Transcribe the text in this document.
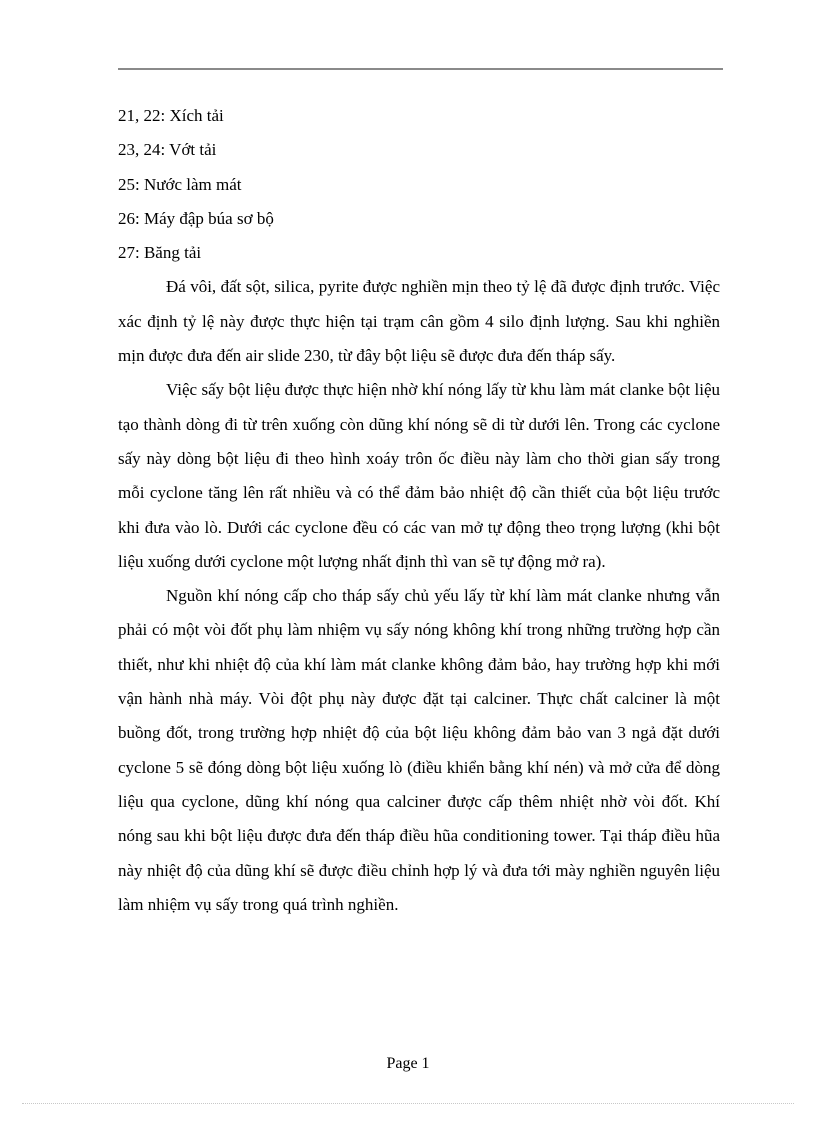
21, 22: Xích tải

23, 24: Vớt tải

25: Nước làm mát

26: Máy đập búa sơ bộ

27: Băng tải

Đá vôi, đất sột, silica, pyrite được nghiền mịn theo tỷ lệ đã được định trước. Việc xác định tỷ lệ này được thực hiện tại trạm cân gồm 4 silo định lượng. Sau khi nghiền mịn được đưa đến air slide 230, từ đây bột liệu sẽ được đưa đến tháp sấy.

Việc sấy bột liệu được thực hiện nhờ khí nóng lấy từ khu làm mát clanke bột liệu tạo thành dòng đi từ trên xuống còn dũng khí nóng sẽ di từ dưới lên. Trong các cyclone sấy này dòng bột liệu đi theo hình xoáy trôn ốc điều này làm cho thời gian sấy trong mỗi cyclone tăng lên rất nhiều và có thể đảm bảo nhiệt độ cần thiết của bột liệu trước khi đưa vào lò. Dưới các cyclone đều có các van mở tự động theo trọng lượng (khi bột liệu xuống dưới cyclone một lượng nhất định thì van sẽ tự động mở ra).

Nguồn khí nóng cấp cho tháp sấy chủ yếu lấy từ khí làm mát clanke nhưng vẫn phải có một vòi đốt phụ làm nhiệm vụ sấy nóng không khí trong những trường hợp cần thiết, như khi nhiệt độ của khí làm mát clanke không đảm bảo, hay trường hợp khi mới vận hành nhà máy. Vòi đột phụ này được đặt tại calciner. Thực chất calciner là một buồng đốt, trong trường hợp nhiệt độ của bột liệu không đảm bảo van 3 ngả đặt dưới cyclone 5 sẽ đóng dòng bột liệu xuống lò (điều khiển bằng khí nén) và mở cửa để dòng liệu qua cyclone, dũng khí nóng qua calciner được cấp thêm nhiệt nhờ vòi đốt. Khí nóng sau khi bột liệu được đưa đến tháp điều hũa conditioning tower. Tại tháp điều hũa này nhiệt độ của dũng khí sẽ được điều chỉnh hợp lý và đưa tới mày nghiền nguyên liệu làm nhiệm vụ sấy trong quá trình nghiền.

Page 1
